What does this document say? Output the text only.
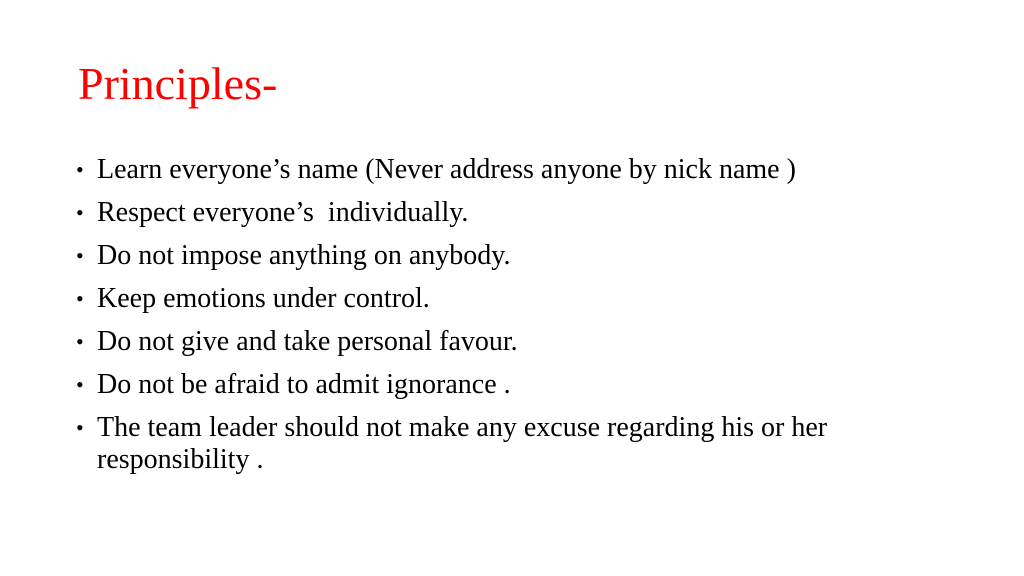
Principles-
• Learn everyone’s name (Never address anyone by nick name )
• Respect everyone’s  individually.
• Do not impose anything on anybody.
• Keep emotions under control.
• Do not give and take personal favour.
• Do not be afraid to admit ignorance .
• The team leader should not make any excuse regarding his or her responsibility .
